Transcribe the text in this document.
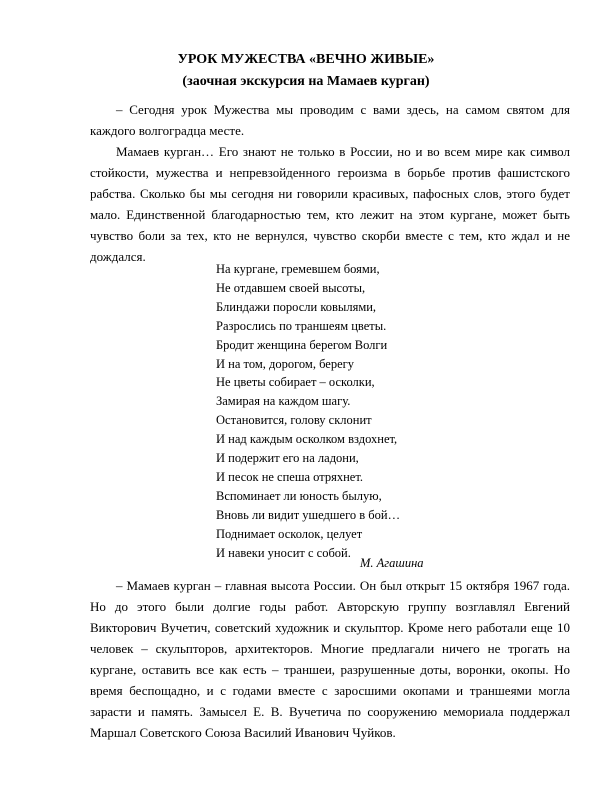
УРОК МУЖЕСТВА «ВЕЧНО ЖИВЫЕ»
(заочная экскурсия на Мамаев курган)

– Сегодня урок Мужества мы проводим с вами здесь, на самом святом для каждого волгоградца месте.

Мамаев курган… Его знают не только в России, но и во всем мире как символ стойкости, мужества и непревзойденного героизма в борьбе против фашистского рабства. Сколько бы мы сегодня ни говорили красивых, пафосных слов, этого будет мало. Единственной благодарностью тем, кто лежит на этом кургане, может быть чувство боли за тех, кто не вернулся, чувство скорби вместе с тем, кто ждал и не дождался.

На кургане, гремевшем боями,
Не отдавшем своей высоты,
Блиндажи поросли ковылями,
Разрослись по траншеям цветы.
Бродит женщина берегом Волги
И на том, дорогом, берегу
Не цветы собирает – осколки,
Замирая на каждом шагу.
Остановится, голову склонит
И над каждым осколком вздохнет,
И подержит его на ладони,
И песок не спеша отряхнет.
Вспоминает ли юность былую,
Вновь ли видит ушедшего в бой…
Поднимает осколок, целует
И навеки уносит с собой.

М. Агашина

– Мамаев курган – главная высота России. Он был открыт 15 октября 1967 года. Но до этого были долгие годы работ. Авторскую группу возглавлял Евгений Викторович Вучетич, советский художник и скульптор. Кроме него работали еще 10 человек – скульпторов, архитекторов. Многие предлагали ничего не трогать на кургане, оставить все как есть – траншеи, разрушенные доты, воронки, окопы. Но время беспощадно, и с годами вместе с заросшими окопами и траншеями могла зарасти и память. Замысел Е. В. Вучетича по сооружению мемориала поддержал Маршал Советского Союза Василий Иванович Чуйков.
